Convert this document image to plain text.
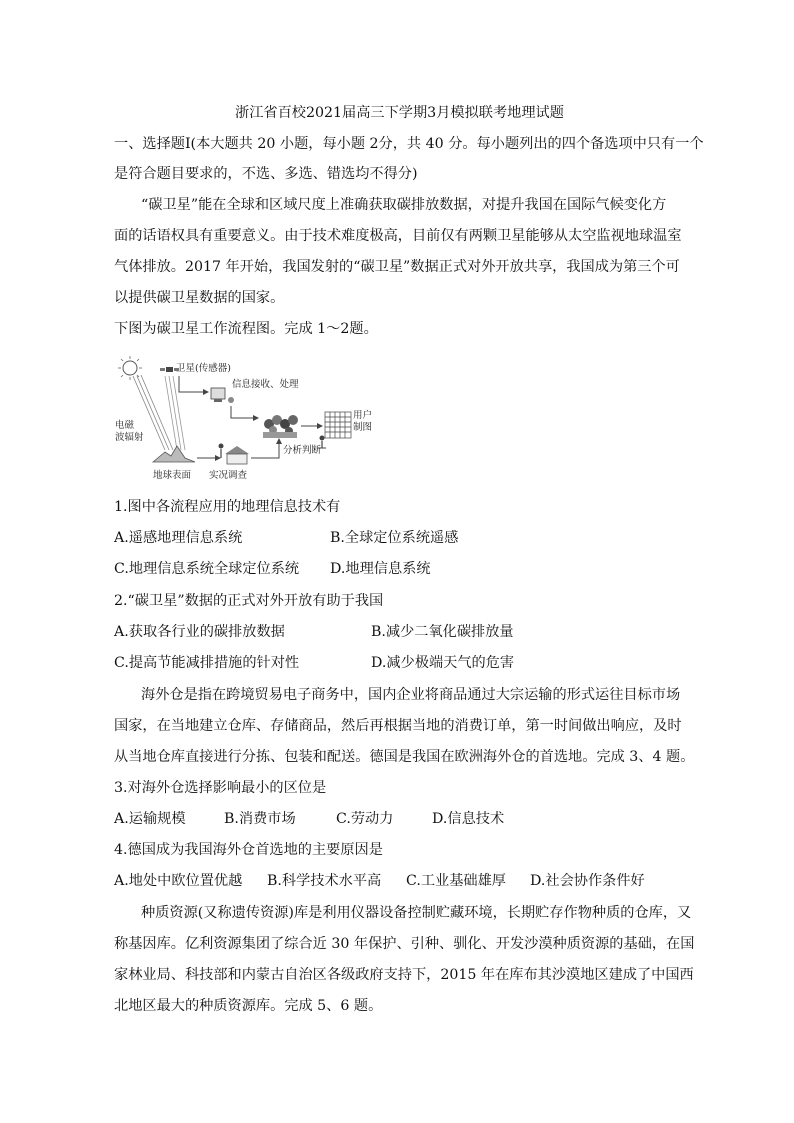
浙江省百校2021届高三下学期3月模拟联考地理试题
一、选择题Ⅰ(本大题共 20 小题，每小题 2分，共 40 分。每小题列出的四个备选项中只有一个
是符合题目要求的，不选、多选、错选均不得分)
“碳卫星”能在全球和区域尺度上准确获取碳排放数据，对提升我国在国际气候变化方
面的话语权具有重要意义。由于技术难度极高，目前仅有两颗卫星能够从太空监视地球温室
气体排放。2017 年开始，我国发射的“碳卫星”数据正式对外开放共享，我国成为第三个可
以提供碳卫星数据的国家。
下图为碳卫星工作流程图。完成 1～2题。
卫星(传感器)
信息接收、处理
用户
制图
电磁
波辐射
地球表面 实况调查
分析判断
1.图中各流程应用的地理信息技术有
A.遥感地理信息系统	B.全球定位系统遥感
C.地理信息系统全球定位系统 D.地理信息系统
2.“碳卫星”数据的正式对外开放有助于我国
A.获取各行业的碳排放数据	B.减少二氧化碳排放量
C.提高节能减排措施的针对性	D.减少极端天气的危害
海外仓是指在跨境贸易电子商务中，国内企业将商品通过大宗运输的形式运往目标市场
国家，在当地建立仓库、存储商品，然后再根据当地的消费订单，第一时间做出响应，及时
从当地仓库直接进行分拣、包装和配送。德国是我国在欧洲海外仓的首选地。完成 3、4 题。
3.对海外仓选择影响最小的区位是
A.运输规模	B.消费市场	C.劳动力	D.信息技术
4.德国成为我国海外仓首选地的主要原因是
A.地处中欧位置优越 B.科学技术水平高 C.工业基础雄厚 D.社会协作条件好
种质资源(又称遗传资源)库是利用仪器设备控制贮藏环境，长期贮存作物种质的仓库，又
称基因库。亿利资源集团了综合近 30 年保护、引种、驯化、开发沙漠种质资源的基础，在国
家林业局、科技部和内蒙古自治区各级政府支持下，2015 年在库布其沙漠地区建成了中国西
北地区最大的种质资源库。完成 5、6 题。
